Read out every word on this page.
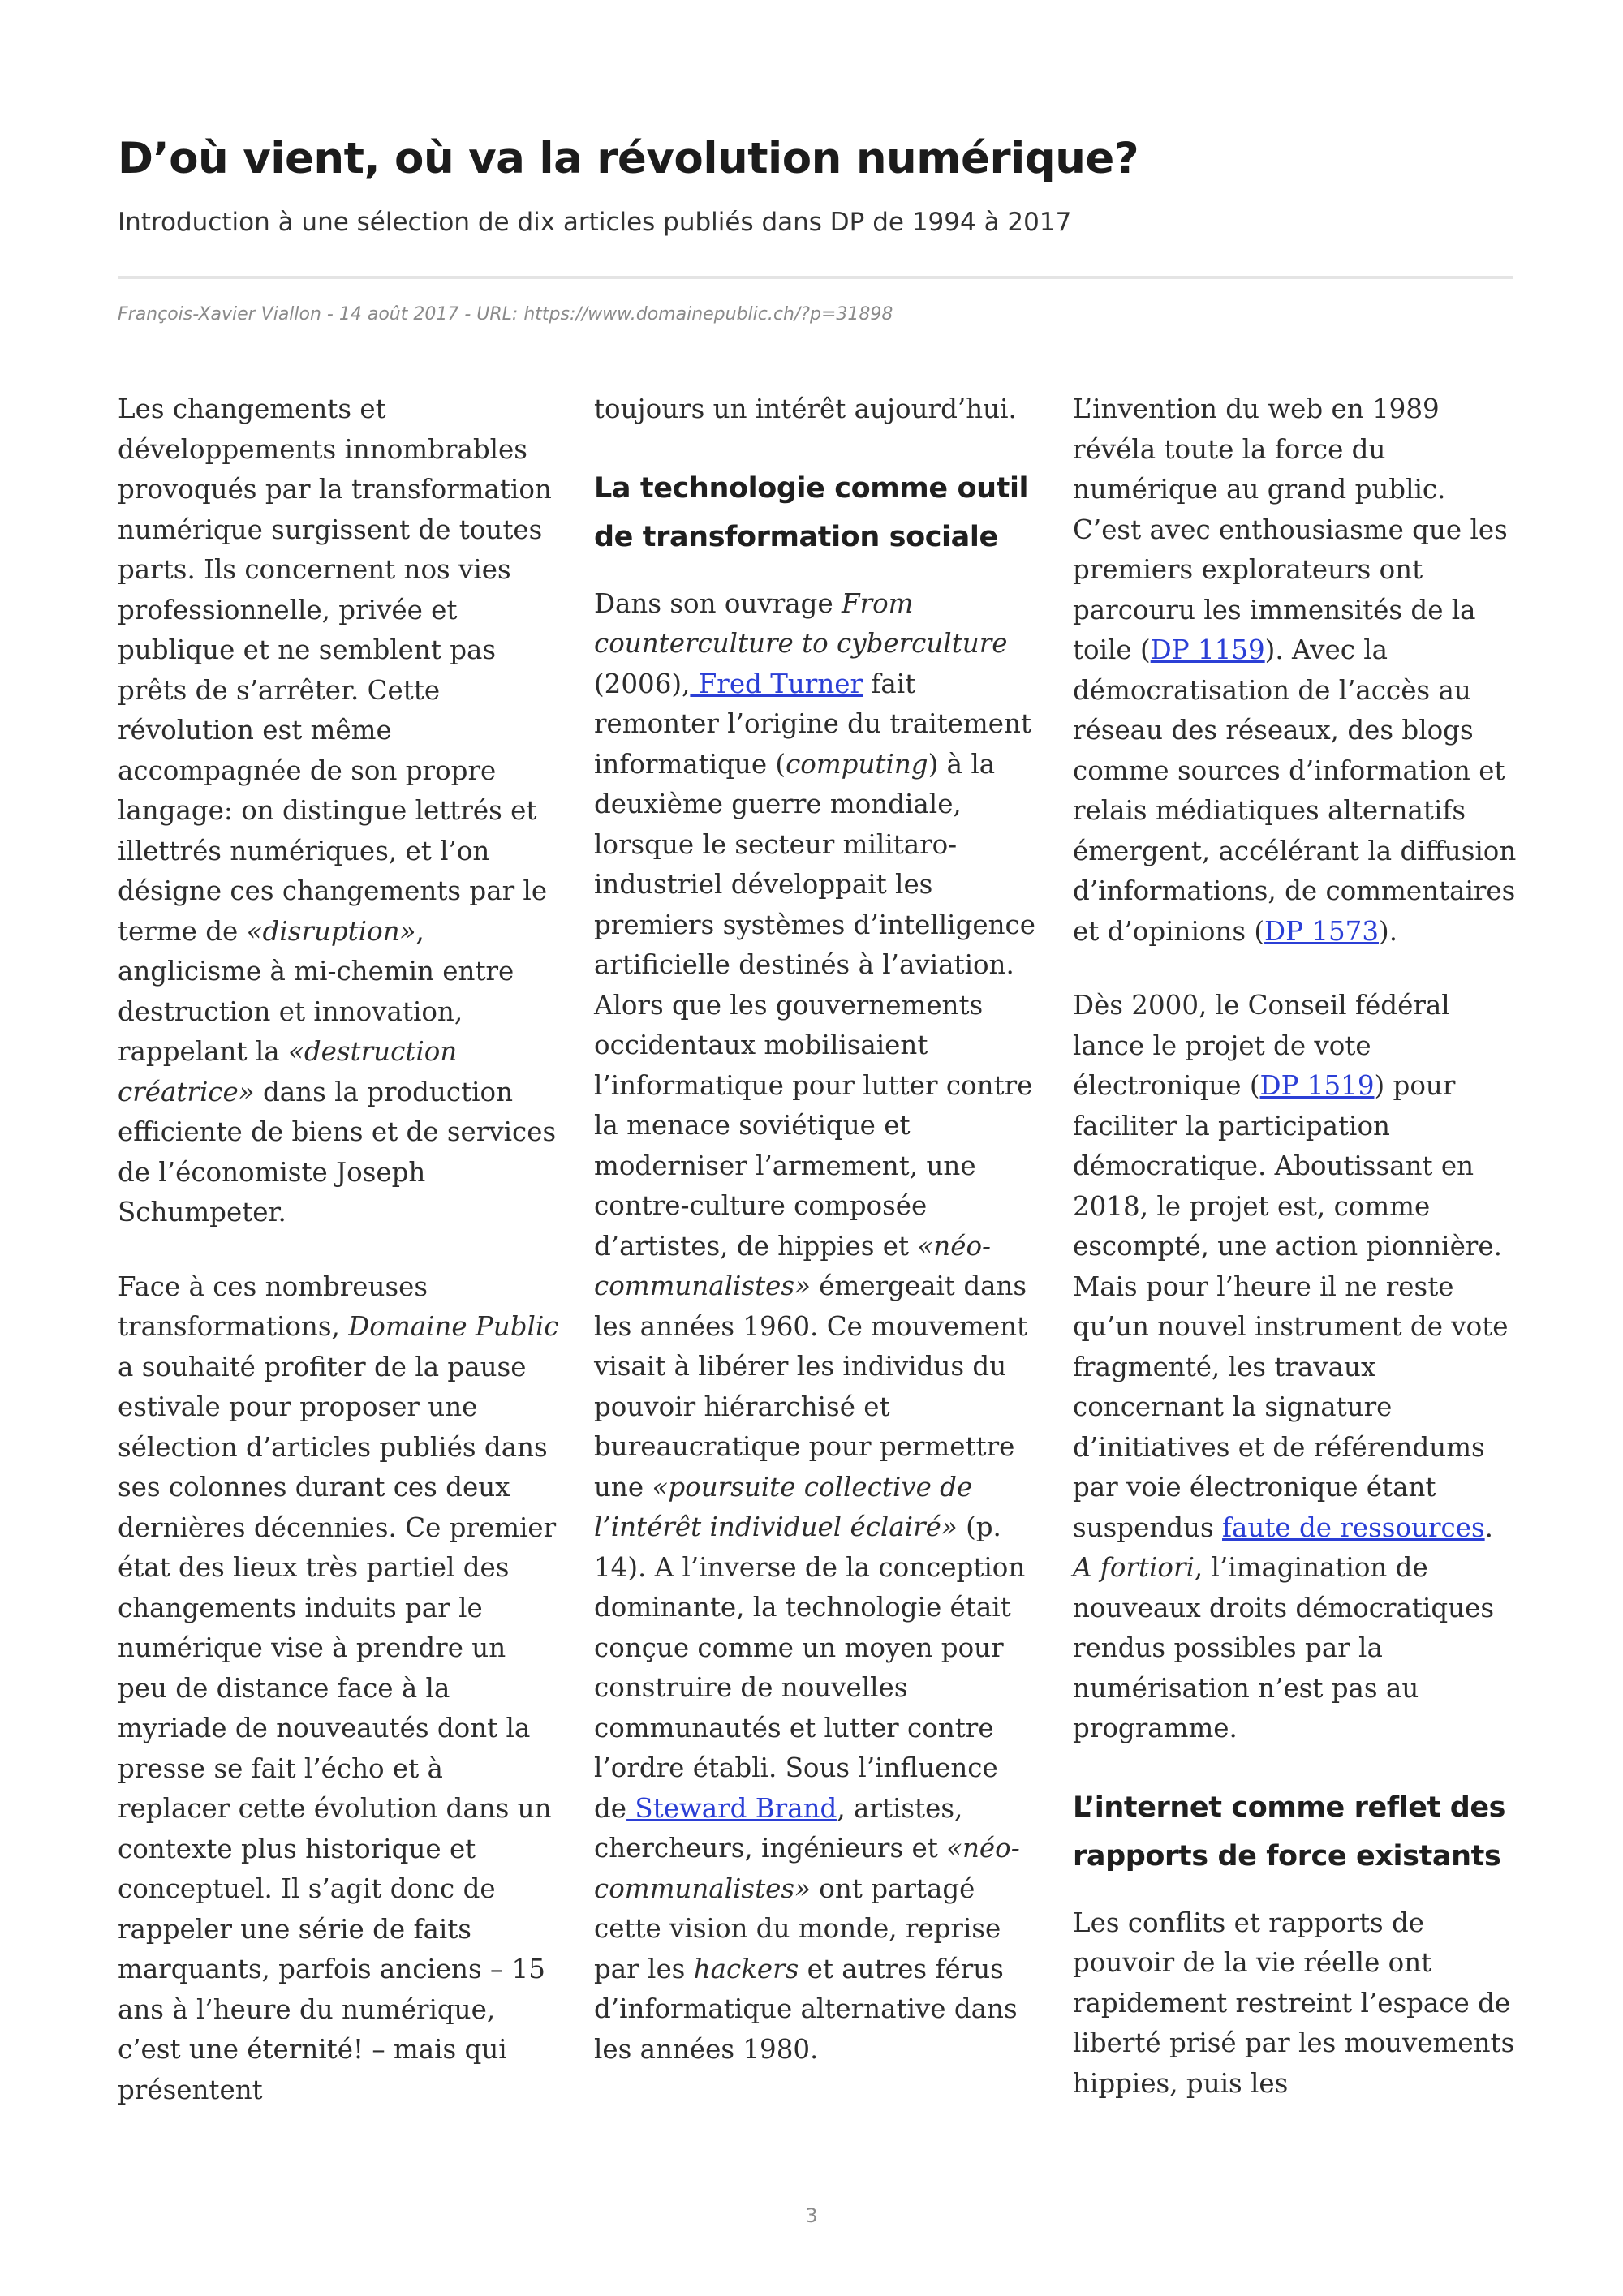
D’où vient, où va la révolution numérique?

Introduction à une sélection de dix articles publiés dans DP de 1994 à 2017

François-Xavier Viallon - 14 août 2017 - URL: https://www.domainepublic.ch/?p=31898

Les changements et développements innombrables provoqués par la transformation numérique surgissent de toutes parts. Ils concernent nos vies professionnelle, privée et publique et ne semblent pas prêts de s’arrêter. Cette révolution est même accompagnée de son propre langage: on distingue lettrés et illettrés numériques, et l’on désigne ces changements par le terme de «disruption», anglicisme à mi-chemin entre destruction et innovation, rappelant la «destruction créatrice» dans la production efficiente de biens et de services de l’économiste Joseph Schumpeter.

Face à ces nombreuses transformations, Domaine Public a souhaité profiter de la pause estivale pour proposer une sélection d’articles publiés dans ses colonnes durant ces deux dernières décennies. Ce premier état des lieux très partiel des changements induits par le numérique vise à prendre un peu de distance face à la myriade de nouveautés dont la presse se fait l’écho et à replacer cette évolution dans un contexte plus historique et conceptuel. Il s’agit donc de rappeler une série de faits marquants, parfois anciens – 15 ans à l’heure du numérique, c’est une éternité! – mais qui présentent

toujours un intérêt aujourd’hui.

La technologie comme outil de transformation sociale

Dans son ouvrage From counterculture to cyberculture (2006), Fred Turner fait remonter l’origine du traitement informatique (computing) à la deuxième guerre mondiale, lorsque le secteur militaro-industriel développait les premiers systèmes d’intelligence artificielle destinés à l’aviation. Alors que les gouvernements occidentaux mobilisaient l’informatique pour lutter contre la menace soviétique et moderniser l’armement, une contre-culture composée d’artistes, de hippies et «néo-communalistes» émergeait dans les années 1960. Ce mouvement visait à libérer les individus du pouvoir hiérarchisé et bureaucratique pour permettre une «poursuite collective de l’intérêt individuel éclairé» (p. 14). A l’inverse de la conception dominante, la technologie était conçue comme un moyen pour construire de nouvelles communautés et lutter contre l’ordre établi. Sous l’influence de Steward Brand, artistes, chercheurs, ingénieurs et «néo-communalistes» ont partagé cette vision du monde, reprise par les hackers et autres férus d’informatique alternative dans les années 1980.

L’invention du web en 1989 révéla toute la force du numérique au grand public. C’est avec enthousiasme que les premiers explorateurs ont parcouru les immensités de la toile (DP 1159). Avec la démocratisation de l’accès au réseau des réseaux, des blogs comme sources d’information et relais médiatiques alternatifs émergent, accélérant la diffusion d’informations, de commentaires et d’opinions (DP 1573).

Dès 2000, le Conseil fédéral lance le projet de vote électronique (DP 1519) pour faciliter la participation démocratique. Aboutissant en 2018, le projet est, comme escompté, une action pionnière. Mais pour l’heure il ne reste qu’un nouvel instrument de vote fragmenté, les travaux concernant la signature d’initiatives et de référendums par voie électronique étant suspendus faute de ressources. A fortiori, l’imagination de nouveaux droits démocratiques rendus possibles par la numérisation n’est pas au programme.

L’internet comme reflet des rapports de force existants

Les conflits et rapports de pouvoir de la vie réelle ont rapidement restreint l’espace de liberté prisé par les mouvements hippies, puis les

3
